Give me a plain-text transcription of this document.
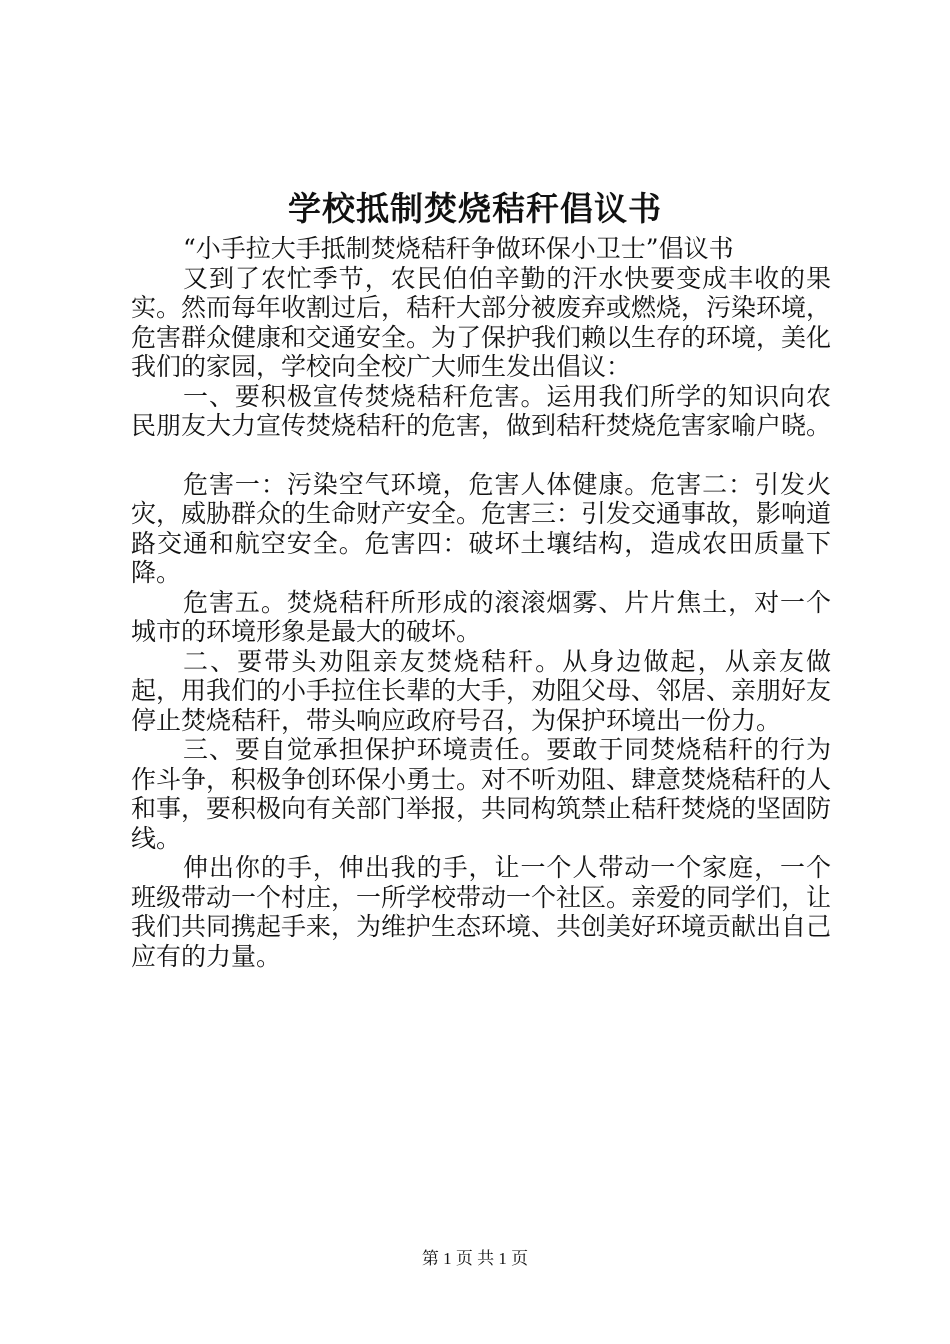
学校抵制焚烧秸秆倡议书

“小手拉大手抵制焚烧秸秆争做环保小卫士”倡议书

又到了农忙季节，农民伯伯辛勤的汗水快要变成丰收的果实。然而每年收割过后，秸秆大部分被废弃或燃烧，污染环境，危害群众健康和交通安全。为了保护我们赖以生存的环境，美化我们的家园，学校向全校广大师生发出倡议：

一、要积极宣传焚烧秸秆危害。运用我们所学的知识向农民朋友大力宣传焚烧秸秆的危害，做到秸秆焚烧危害家喻户晓。

危害一：污染空气环境，危害人体健康。危害二：引发火灾，威胁群众的生命财产安全。危害三：引发交通事故，影响道路交通和航空安全。危害四：破坏土壤结构，造成农田质量下降。

危害五。焚烧秸秆所形成的滚滚烟雾、片片焦土，对一个城市的环境形象是最大的破坏。

二、要带头劝阻亲友焚烧秸秆。从身边做起，从亲友做起，用我们的小手拉住长辈的大手，劝阻父母、邻居、亲朋好友停止焚烧秸秆，带头响应政府号召，为保护环境出一份力。

三、要自觉承担保护环境责任。要敢于同焚烧秸秆的行为作斗争，积极争创环保小勇士。对不听劝阻、肆意焚烧秸秆的人和事，要积极向有关部门举报，共同构筑禁止秸秆焚烧的坚固防线。

伸出你的手，伸出我的手，让一个人带动一个家庭，一个班级带动一个村庄，一所学校带动一个社区。亲爱的同学们，让我们共同携起手来，为维护生态环境、共创美好环境贡献出自己应有的力量。

第 1 页 共 1 页
